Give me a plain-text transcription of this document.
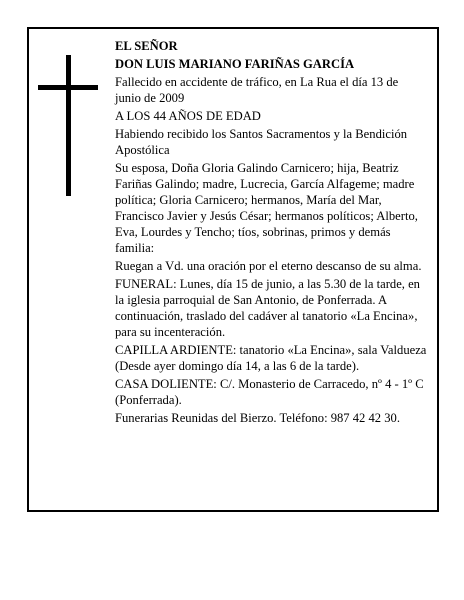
EL SEÑOR

DON LUIS MARIANO FARIÑAS GARCÍA

Fallecido en accidente de tráfico, en La Rua el día 13 de junio de 2009

A LOS 44 AÑOS DE EDAD

Habiendo recibido los Santos Sacramentos y la Bendición Apostólica

Su esposa, Doña Gloria Galindo Carnicero; hija, Beatriz Fariñas Galindo; madre, Lucrecia, García Alfageme; madre política; Gloria Carnicero; hermanos, María del Mar, Francisco Javier y Jesús César; hermanos políticos; Alberto, Eva, Lourdes y Tencho; tíos, sobrinas, primos y demás familia:

Ruegan a Vd. una oración por el eterno descanso de su alma.

FUNERAL: Lunes, día 15 de junio, a las 5.30 de la tarde, en la iglesia parroquial de San Antonio, de Ponferrada. A continuación, traslado del cadáver al tanatorio «La Encina», para su incenteración.

CAPILLA ARDIENTE: tanatorio «La Encina», sala Valdueza (Desde ayer domingo día 14, a las 6 de la tarde).

CASA DOLIENTE: C/. Monasterio de Carracedo, nº 4 - 1º C (Ponferrada).

Funerarias Reunidas del Bierzo. Teléfono: 987 42 42 30.
